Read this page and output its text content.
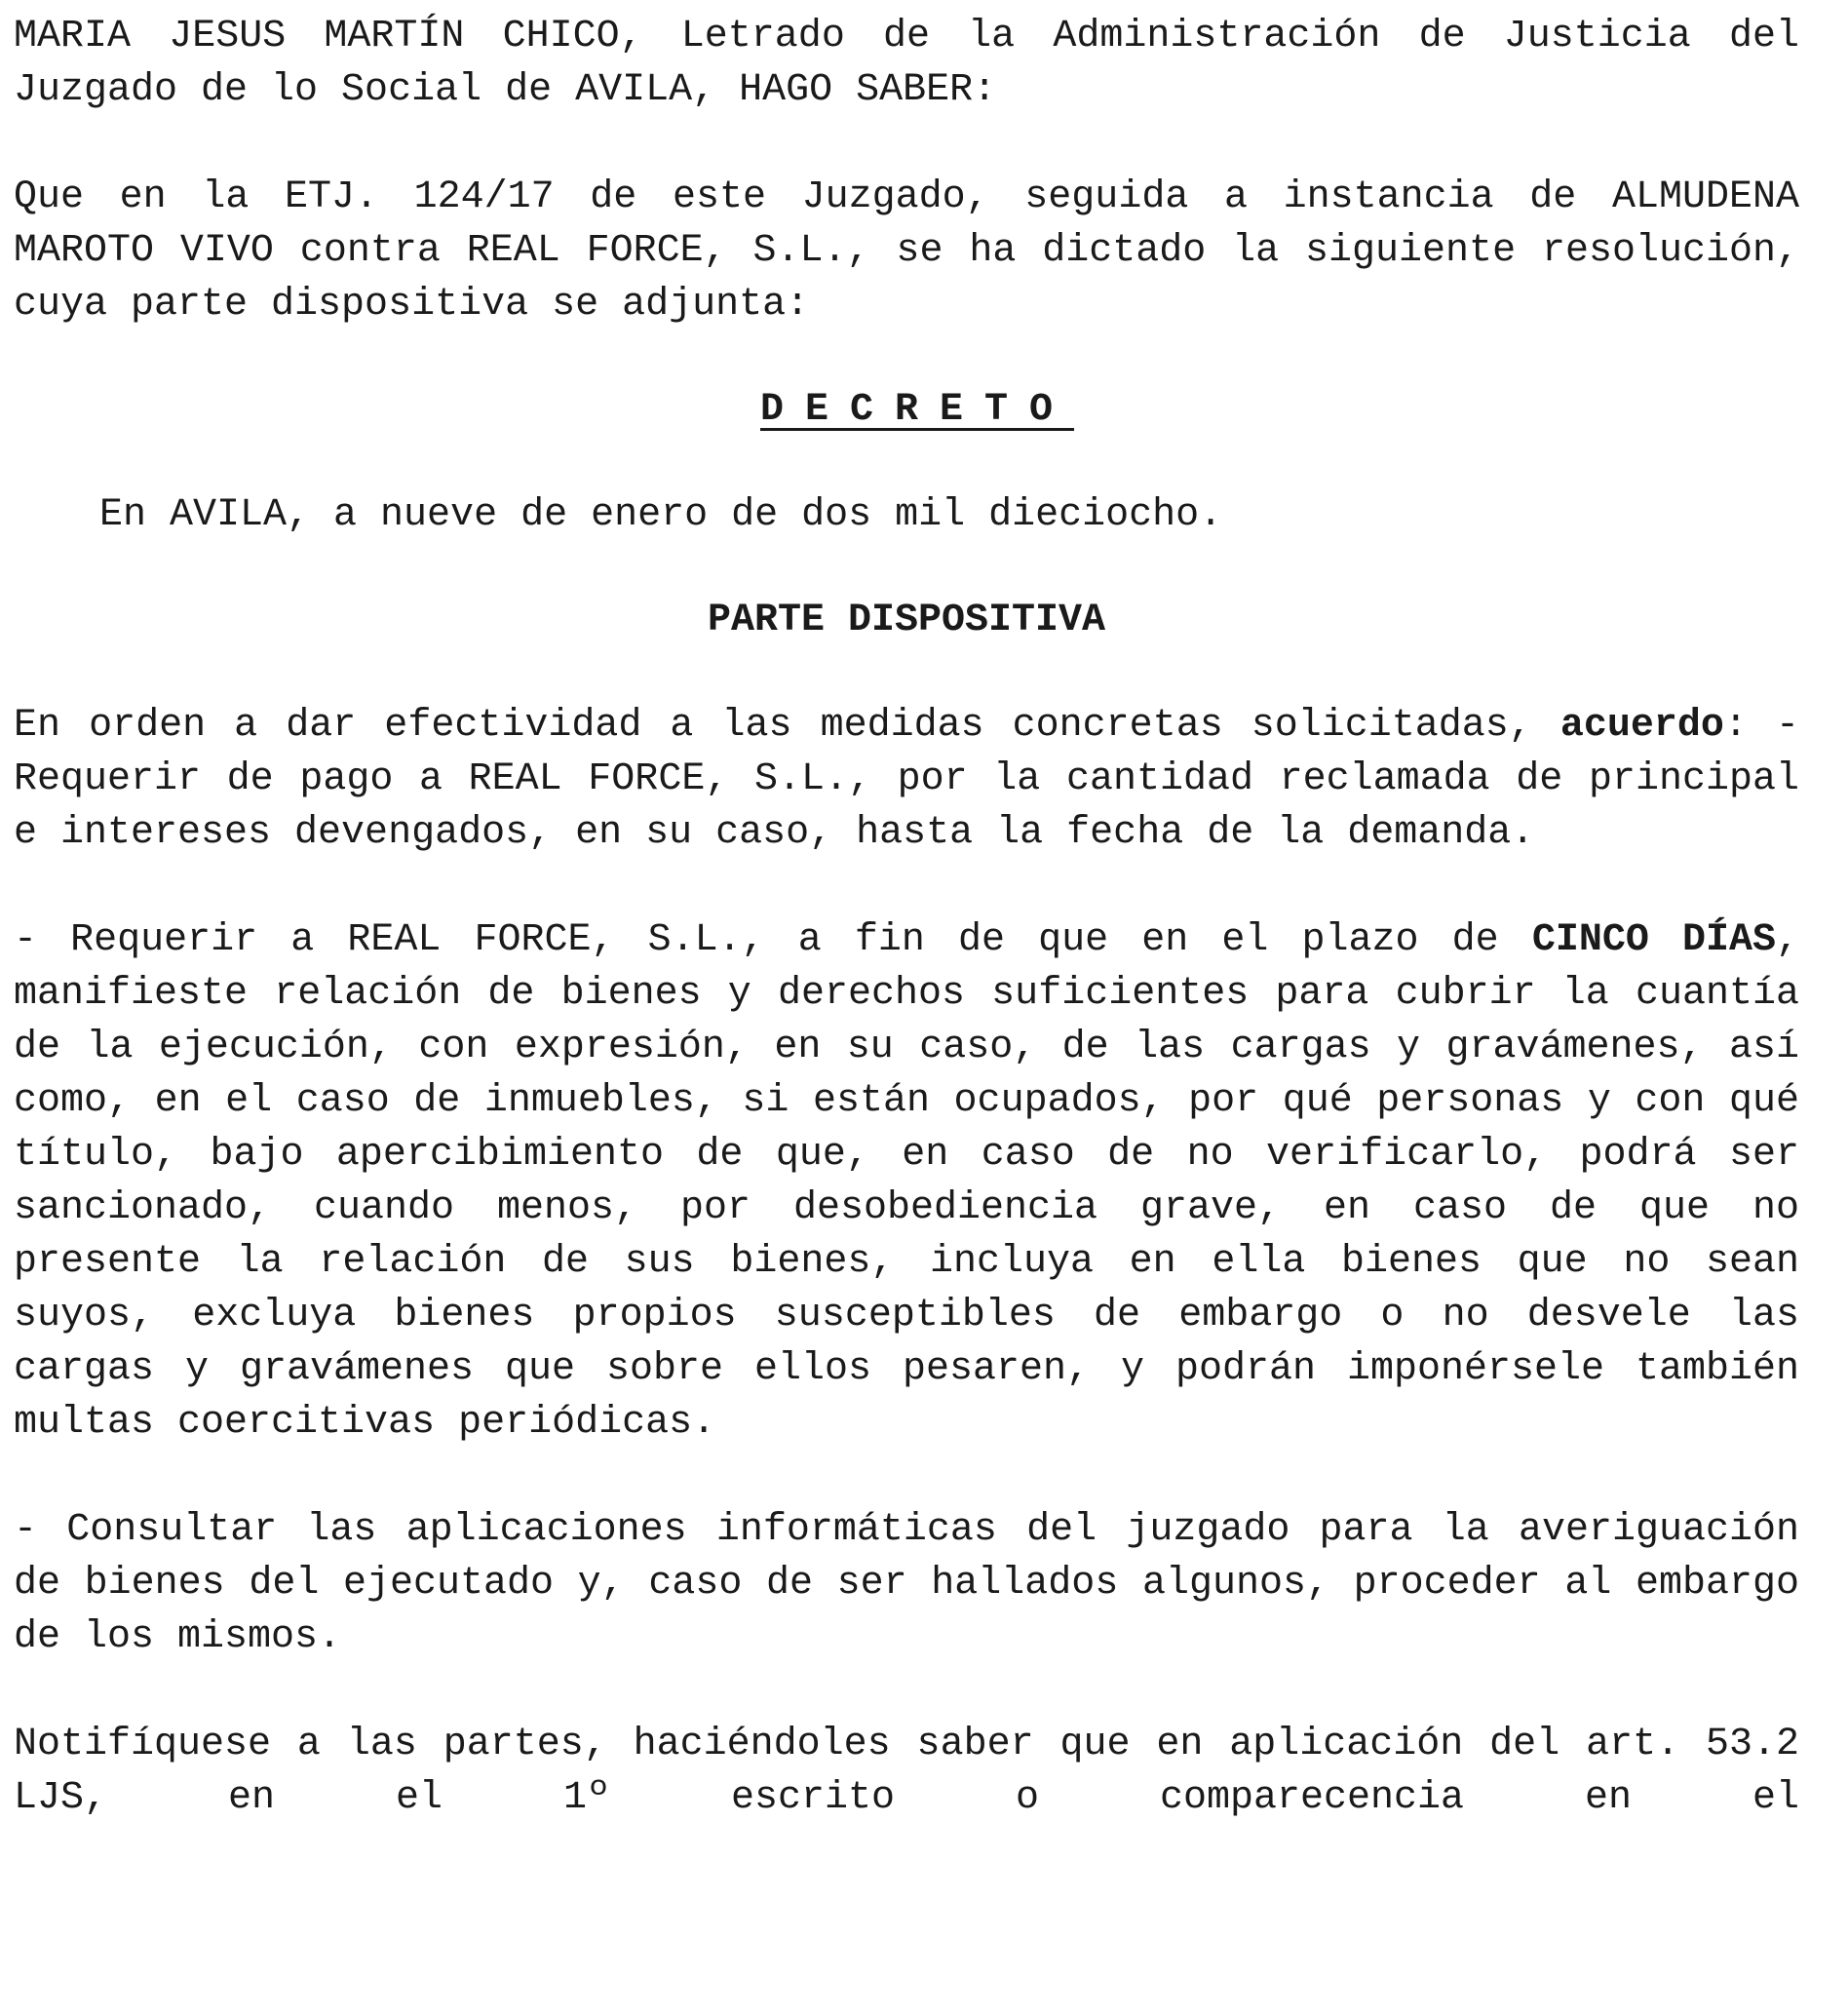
MARIA JESUS MARTÍN CHICO, Letrado de la Administración de Justicia del Juzgado de lo Social de AVILA, HAGO SABER:

Que en la ETJ. 124/17 de este Juzgado, seguida a instancia de ALMUDENA MAROTO VIVO contra REAL FORCE, S.L., se ha dictado la siguiente resolución, cuya parte dispositiva se adjunta:

DECRETO

En AVILA, a nueve de enero de dos mil dieciocho.

PARTE DISPOSITIVA

En orden a dar efectividad a las medidas concretas solicitadas, acuerdo: - Requerir de pago a REAL FORCE, S.L., por la cantidad reclamada de principal e intereses devengados, en su caso, hasta la fecha de la demanda.

- Requerir a REAL FORCE, S.L., a fin de que en el plazo de CINCO DÍAS, manifieste relación de bienes y derechos suficientes para cubrir la cuantía de la ejecución, con expresión, en su caso, de las cargas y gravámenes, así como, en el caso de inmuebles, si están ocupados, por qué personas y con qué título, bajo apercibimiento de que, en caso de no verificarlo, podrá ser sancionado, cuando menos, por desobediencia grave, en caso de que no presente la relación de sus bienes, incluya en ella bienes que no sean suyos, excluya bienes propios susceptibles de embargo o no desvele las cargas y gravámenes que sobre ellos pesaren, y podrán imponérsele también multas coercitivas periódicas.

- Consultar las aplicaciones informáticas del juzgado para la averiguación de bienes del ejecutado y, caso de ser hallados algunos, proceder al embargo de los mismos.

Notifíquese a las partes, haciéndoles saber que en aplicación del art. 53.2 LJS, en el 1º escrito o comparecencia en el
